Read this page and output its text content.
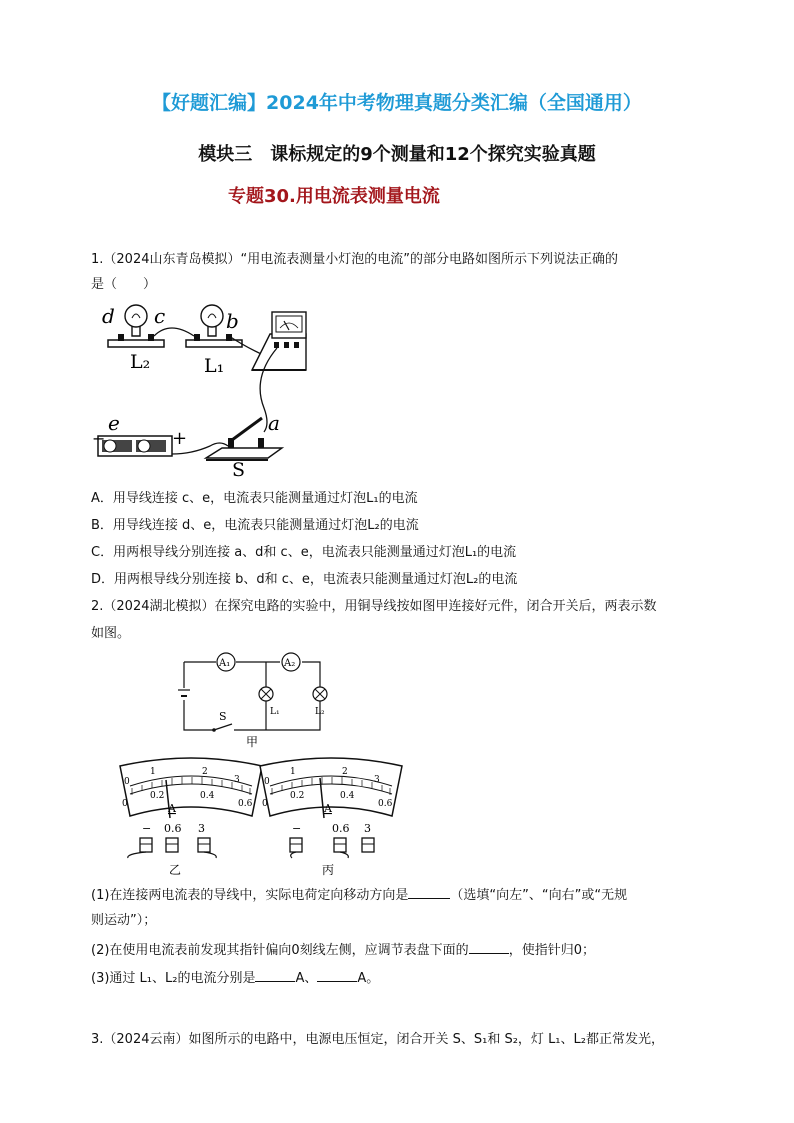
【好题汇编】2024年中考物理真题分类汇编（全国通用）
模块三　课标规定的9个测量和12个探究实验真题
专题30.用电流表测量电流
1.（2024山东青岛模拟）“用电流表测量小灯泡的电流”的部分电路如图所示下列说法正确的
是（　　）
d c	b
a
e
L₂	L₁
S
−	+
A．用导线连接 c、e，电流表只能测量通过灯泡L₁的电流
B．用导线连接 d、e，电流表只能测量通过灯泡L₂的电流
C．用两根导线分别连接 a、d和 c、e，电流表只能测量通过灯泡L₁的电流
D．用两根导线分别连接 b、d和 c、e，电流表只能测量通过灯泡L₂的电流
2.（2024湖北模拟）在探究电路的实验中，用铜导线按如图甲连接好元件，闭合开关后，两表示数
如图。
A₁	A₂
S	L₁	L₂
甲
0
1	2
3
0
0.2	0.4
0.6
A
− 0.6 3
乙
0
1	2
3
0
0.2	0.4
0.6
A
−	0.6 3
丙
(1)在连接两电流表的导线中，实际电荷定向移动方向是	（选填“向左”、“向右”或“无规
则运动”）；
(2)在使用电流表前发现其指针偏向0刻线左侧，应调节表盘下面的	，使指针归0；
(3)通过 L₁、L₂的电流分别是	A、	A。
3.（2024云南）如图所示的电路中，电源电压恒定，闭合开关 S、S₁和 S₂，灯 L₁、L₂都正常发光，
